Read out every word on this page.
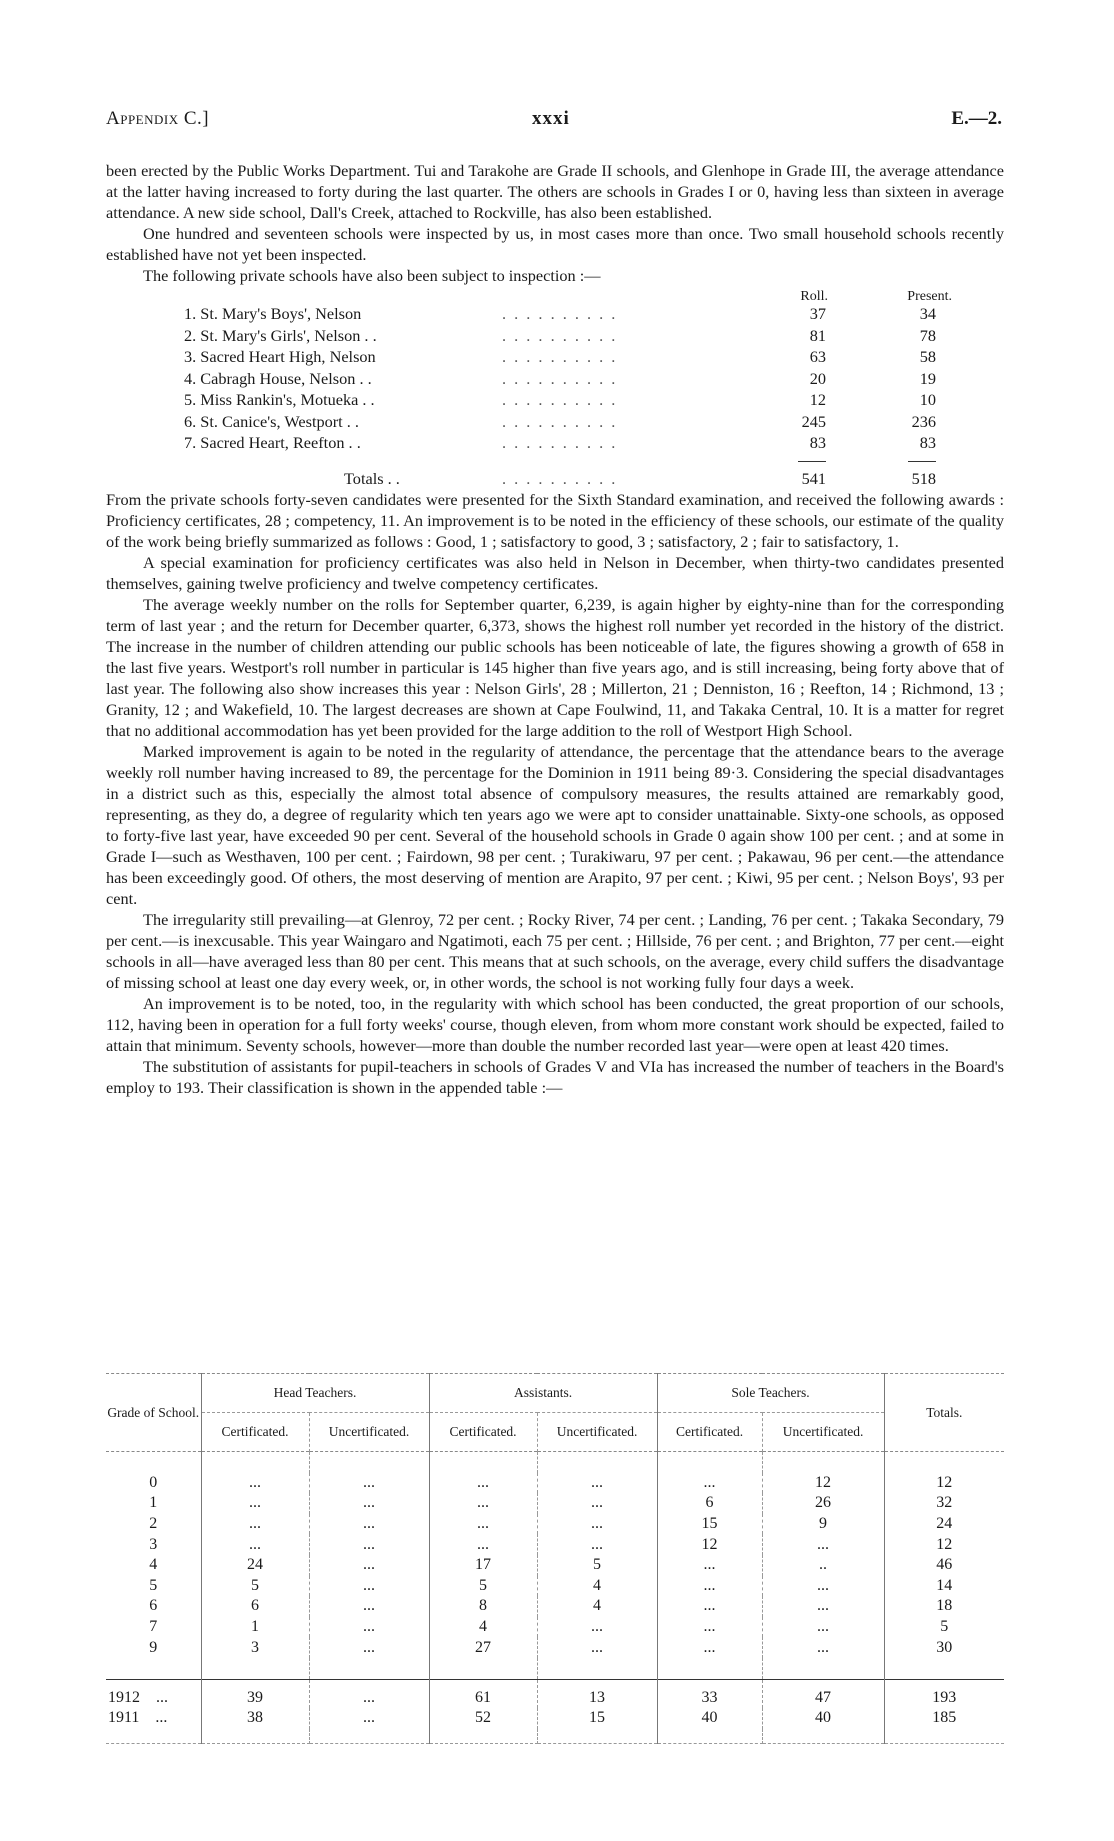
Appendix C.]	xxxi	E.—2.

been erected by the Public Works Department. Tui and Tarakohe are Grade II schools, and Glenhope in Grade III, the average attendance at the latter having increased to forty during the last quarter. The others are schools in Grades I or 0, having less than sixteen in average attendance. A new side school, Dall's Creek, attached to Rockville, has also been established.

One hundred and seventeen schools were inspected by us, in most cases more than once. Two small household schools recently established have not yet been inspected.

The following private schools have also been subject to inspection :—

Roll.	Present.
1. St. Mary's Boys', Nelson	. . . . . . . . . .	37	34
2. St. Mary's Girls', Nelson . .	. . . . . . . . . .	81	78
3. Sacred Heart High, Nelson	. . . . . . . . . .	63	58
4. Cabragh House, Nelson . .	. . . . . . . . . .	20	19
5. Miss Rankin's, Motueka . .	. . . . . . . . . .	12	10
6. St. Canice's, Westport . .	. . . . . . . . . .	245	236
7. Sacred Heart, Reefton . .	. . . . . . . . . .	83	83
Totals . .	. . . . . . . . . .	541	518

From the private schools forty-seven candidates were presented for the Sixth Standard examination, and received the following awards : Proficiency certificates, 28 ; competency, 11. An improvement is to be noted in the efficiency of these schools, our estimate of the quality of the work being briefly summarized as follows : Good, 1 ; satisfactory to good, 3 ; satisfactory, 2 ; fair to satisfactory, 1.

A special examination for proficiency certificates was also held in Nelson in December, when thirty-two candidates presented themselves, gaining twelve proficiency and twelve competency certificates.

The average weekly number on the rolls for September quarter, 6,239, is again higher by eighty-nine than for the corresponding term of last year ; and the return for December quarter, 6,373, shows the highest roll number yet recorded in the history of the district. The increase in the number of children attending our public schools has been noticeable of late, the figures showing a growth of 658 in the last five years. Westport's roll number in particular is 145 higher than five years ago, and is still increasing, being forty above that of last year. The following also show increases this year : Nelson Girls', 28 ; Millerton, 21 ; Denniston, 16 ; Reefton, 14 ; Richmond, 13 ; Granity, 12 ; and Wakefield, 10. The largest decreases are shown at Cape Foulwind, 11, and Takaka Central, 10. It is a matter for regret that no additional accommodation has yet been provided for the large addition to the roll of Westport High School.

Marked improvement is again to be noted in the regularity of attendance, the percentage that the attendance bears to the average weekly roll number having increased to 89, the percentage for the Dominion in 1911 being 89·3. Considering the special disadvantages in a district such as this, especially the almost total absence of compulsory measures, the results attained are remarkably good, representing, as they do, a degree of regularity which ten years ago we were apt to consider unattainable. Sixty-one schools, as opposed to forty-five last year, have exceeded 90 per cent. Several of the household schools in Grade 0 again show 100 per cent. ; and at some in Grade I—such as Westhaven, 100 per cent. ; Fairdown, 98 per cent. ; Turakiwaru, 97 per cent. ; Pakawau, 96 per cent.—the attendance has been exceedingly good. Of others, the most deserving of mention are Arapito, 97 per cent. ; Kiwi, 95 per cent. ; Nelson Boys', 93 per cent.

The irregularity still prevailing—at Glenroy, 72 per cent. ; Rocky River, 74 per cent. ; Landing, 76 per cent. ; Takaka Secondary, 79 per cent.—is inexcusable. This year Waingaro and Ngatimoti, each 75 per cent. ; Hillside, 76 per cent. ; and Brighton, 77 per cent.—eight schools in all—have averaged less than 80 per cent. This means that at such schools, on the average, every child suffers the disadvantage of missing school at least one day every week, or, in other words, the school is not working fully four days a week.

An improvement is to be noted, too, in the regularity with which school has been conducted, the great proportion of our schools, 112, having been in operation for a full forty weeks' course, though eleven, from whom more constant work should be expected, failed to attain that minimum. Seventy schools, however—more than double the number recorded last year—were open at least 420 times.

The substitution of assistants for pupil-teachers in schools of Grades V and VIa has increased the number of teachers in the Board's employ to 193. Their classification is shown in the appended table :—

Grade of School.	Head Teachers.		Assistants.		Sole Teachers.		Totals.
	Certificated.	Uncertificated.	Certificated.	Uncertificated.	Certificated.	Uncertificated.	

0	...	...	...	...	...	12	12
1	...	...	...	...	6	26	32
2	...	...	...	...	15	9	24
3	...	...	...	...	12	...	12
4	24	...	17	5	...	..	46
5	5	...	5	4	...	...	14
6	6	...	8	4	...	...	18
7	1	...	4	...	...	...	5
9	3	...	27	...	...	...	30

1912 ...	39	...	61	13	33	47	193
1911 ...	38	...	52	15	40	40	185
